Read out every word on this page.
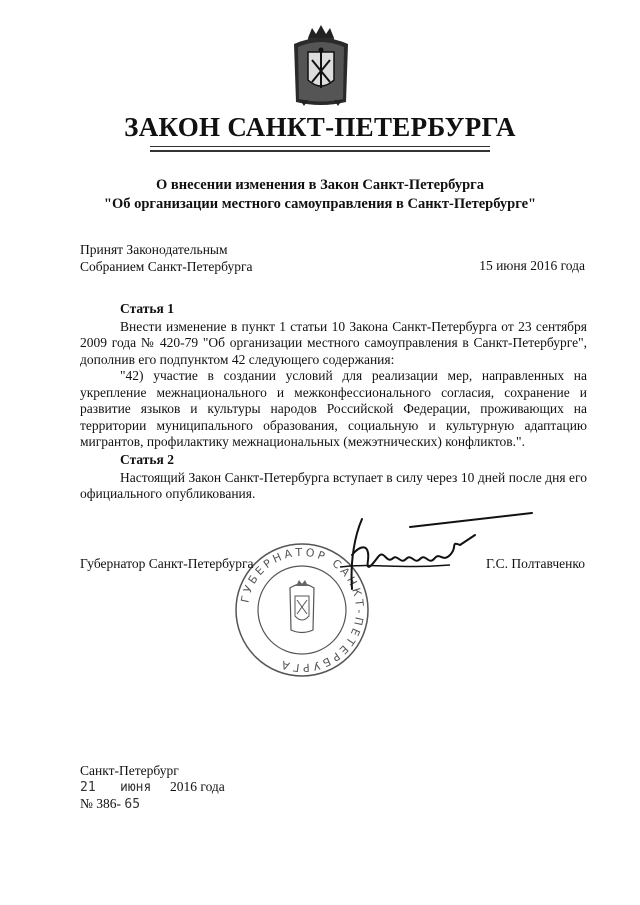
ЗАКОН САНКТ-ПЕТЕРБУРГА
О внесении изменения в Закон Санкт-Петербурга
"Об организации местного самоуправления в Санкт-Петербурге"
Принят Законодательным
Собранием Санкт-Петербурга	15 июня 2016 года
Статья 1

Внести изменение в пункт 1 статьи 10 Закона Санкт-Петербурга от 23 сентября 2009 года № 420-79 "Об организации местного самоуправления в Санкт-Петербурге", дополнив его подпунктом 42 следующего содержания:

"42) участие в создании условий для реализации мер, направленных на укрепление межнационального и межконфессионального согласия, сохранение и развитие языков и культуры народов Российской Федерации, проживающих на территории муниципального образования, социальную и культурную адаптацию мигрантов, профилактику межнациональных (межэтнических) конфликтов.".

Статья 2

Настоящий Закон Санкт-Петербурга вступает в силу через 10 дней после дня его официального опубликования.

ГУБЕРНАТОР САНКТ-ПЕТЕРБУРГА
Губернатор Санкт-Петербурга	Г.С. Полтавченко
Санкт-Петербург
21 июня 2016 года
№ 386- 65
